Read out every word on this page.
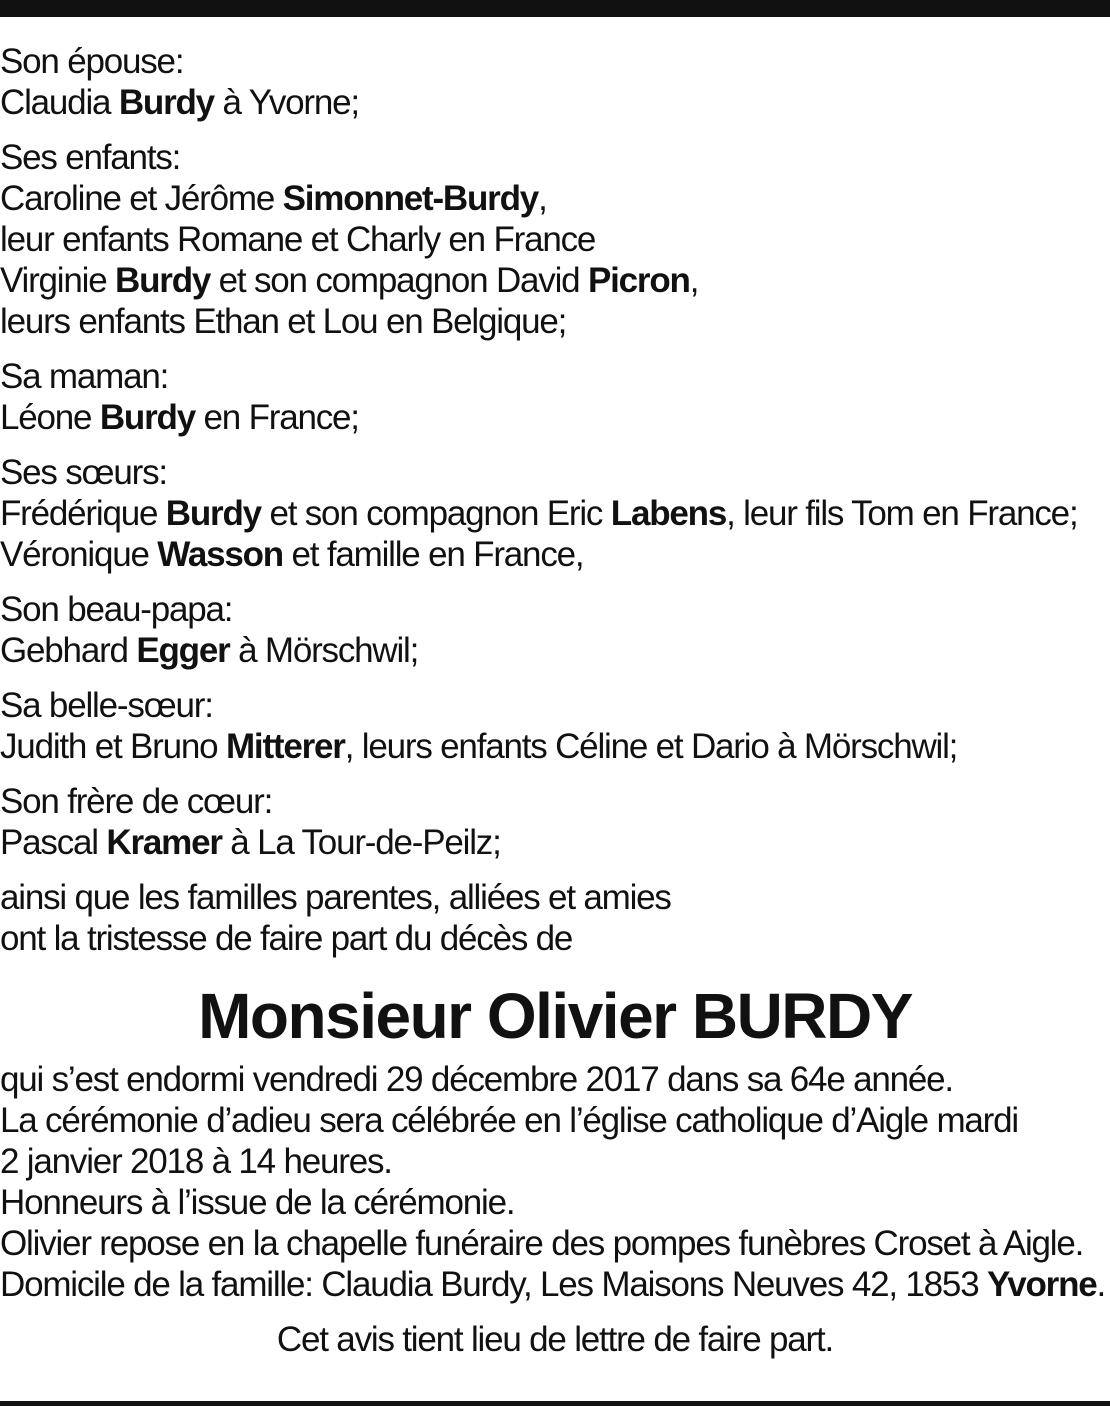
Son épouse:
Claudia Burdy à Yvorne;
Ses enfants:
Caroline et Jérôme Simonnet-Burdy,
leur enfants Romane et Charly en France
Virginie Burdy et son compagnon David Picron,
leurs enfants Ethan et Lou en Belgique;
Sa maman:
Léone Burdy en France;
Ses sœurs:
Frédérique Burdy et son compagnon Eric Labens, leur fils Tom en France;
Véronique Wasson et famille en France,
Son beau-papa:
Gebhard Egger à Mörschwil;
Sa belle-sœur:
Judith et Bruno Mitterer, leurs enfants Céline et Dario à Mörschwil;
Son frère de cœur:
Pascal Kramer à La Tour-de-Peilz;
ainsi que les familles parentes, alliées et amies
ont la tristesse de faire part du décès de
Monsieur Olivier BURDY
qui s’est endormi vendredi 29 décembre 2017 dans sa 64e année.
La cérémonie d’adieu sera célébrée en l’église catholique d’Aigle mardi
2 janvier 2018 à 14 heures.
Honneurs à l’issue de la cérémonie.
Olivier repose en la chapelle funéraire des pompes funèbres Croset à Aigle.
Domicile de la famille: Claudia Burdy, Les Maisons Neuves 42, 1853 Yvorne.
Cet avis tient lieu de lettre de faire part.
